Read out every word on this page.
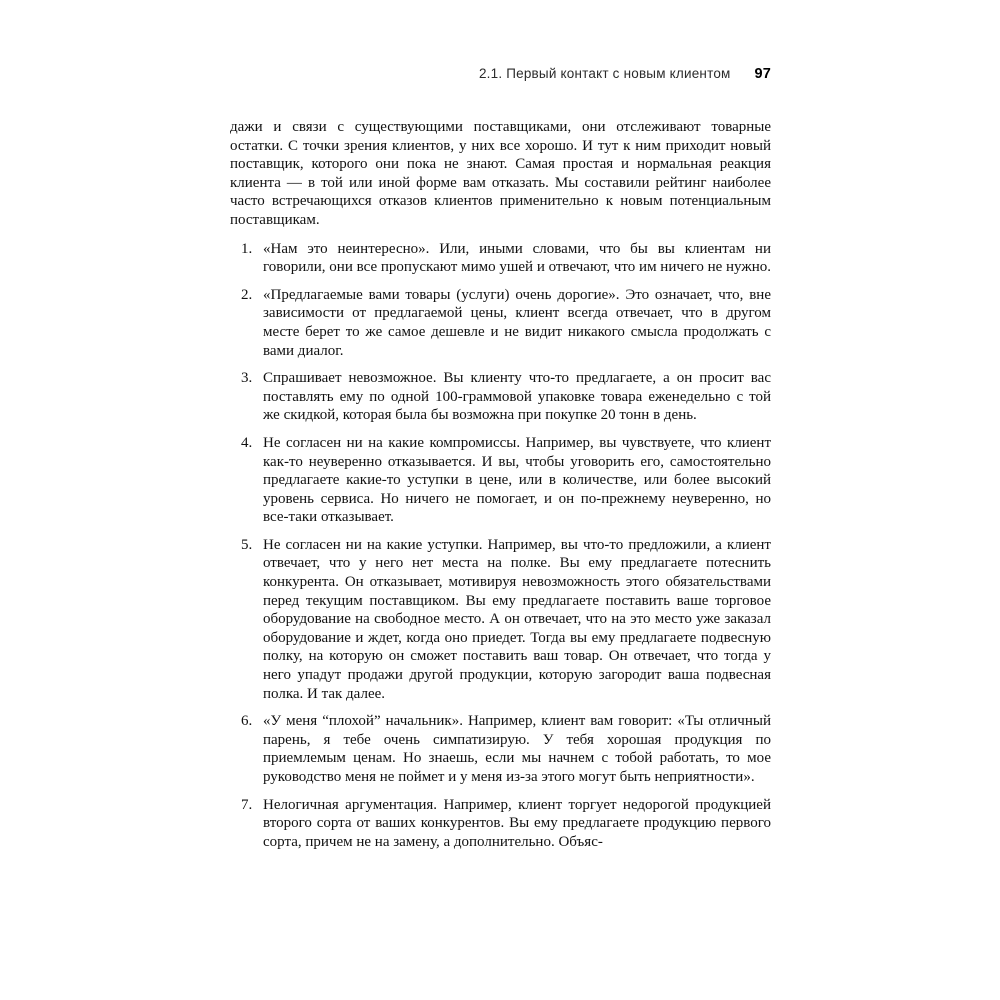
2.1. Первый контакт с новым клиентом 97

дажи и связи с существующими поставщиками, они отслеживают товарные остатки. С точки зрения клиентов, у них все хорошо. И тут к ним приходит новый поставщик, которого они пока не знают. Самая простая и нормальная реакция клиента — в той или иной форме вам отказать. Мы составили рейтинг наиболее часто встречающихся отказов клиентов применительно к новым потенциальным поставщикам.

1. «Нам это неинтересно». Или, иными словами, что бы вы клиентам ни говорили, они все пропускают мимо ушей и отвечают, что им ничего не нужно.
2. «Предлагаемые вами товары (услуги) очень дорогие». Это означает, что, вне зависимости от предлагаемой цены, клиент всегда отвечает, что в другом месте берет то же самое дешевле и не видит никакого смысла продолжать с вами диалог.
3. Спрашивает невозможное. Вы клиенту что-то предлагаете, а он просит вас поставлять ему по одной 100-граммовой упаковке товара еженедельно с той же скидкой, которая была бы возможна при покупке 20 тонн в день.
4. Не согласен ни на какие компромиссы. Например, вы чувствуете, что клиент как-то неуверенно отказывается. И вы, чтобы уговорить его, самостоятельно предлагаете какие-то уступки в цене, или в количестве, или более высокий уровень сервиса. Но ничего не помогает, и он по-прежнему неуверенно, но все-таки отказывает.
5. Не согласен ни на какие уступки. Например, вы что-то предложили, а клиент отвечает, что у него нет места на полке. Вы ему предлагаете потеснить конкурента. Он отказывает, мотивируя невозможность этого обязательствами перед текущим поставщиком. Вы ему предлагаете поставить ваше торговое оборудование на свободное место. А он отвечает, что на это место уже заказал оборудование и ждет, когда оно приедет. Тогда вы ему предлагаете подвесную полку, на которую он сможет поставить ваш товар. Он отвечает, что тогда у него упадут продажи другой продукции, которую загородит ваша подвесная полка. И так далее.
6. «У меня “плохой” начальник». Например, клиент вам говорит: «Ты отличный парень, я тебе очень симпатизирую. У тебя хорошая продукция по приемлемым ценам. Но знаешь, если мы начнем с тобой работать, то мое руководство меня не поймет и у меня из-за этого могут быть неприятности».
7. Нелогичная аргументация. Например, клиент торгует недорогой продукцией второго сорта от ваших конкурентов. Вы ему предлагаете продукцию первого сорта, причем не на замену, а дополнительно. Объяс-
